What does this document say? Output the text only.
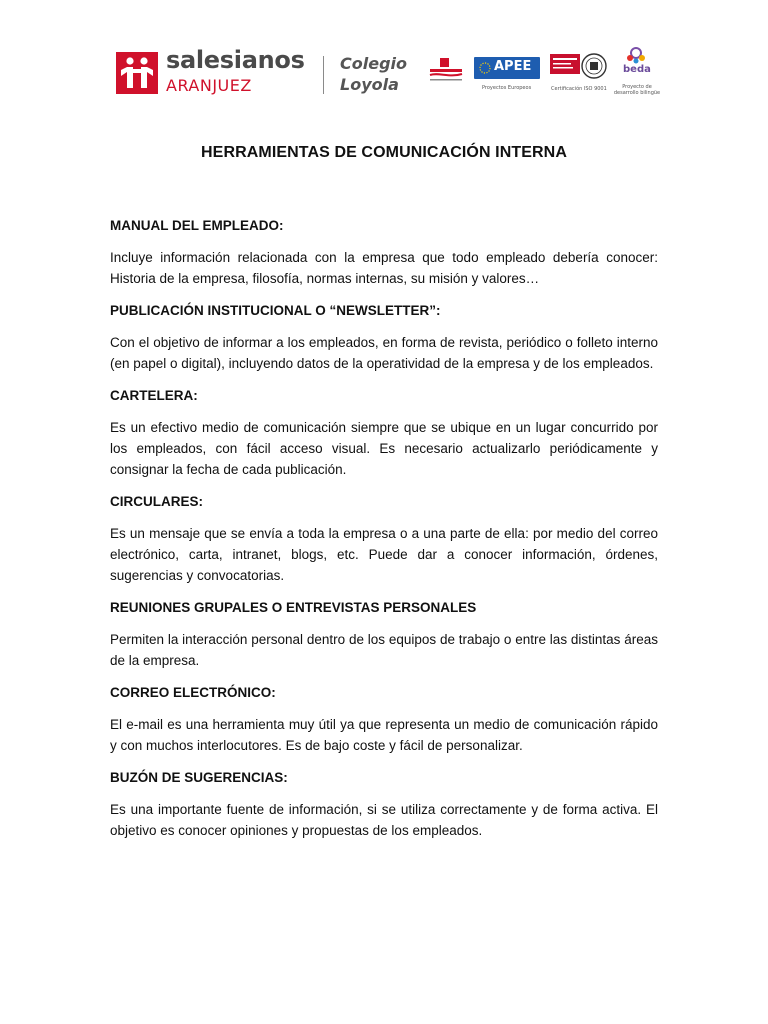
salesianos
ARANJUEZ
Colegio
Loyola
APEE
Proyectos Europeos	Certificación ISO 9001
beda
Proyecto de desarrollo bilingüe
HERRAMIENTAS DE COMUNICACIÓN INTERNA
MANUAL DEL EMPLEADO:

Incluye información relacionada con la empresa que todo empleado debería conocer: Historia de la empresa, filosofía, normas internas, su misión y valores…

PUBLICACIÓN INSTITUCIONAL O “NEWSLETTER”:

Con el objetivo de informar a los empleados, en forma de revista, periódico o folleto interno (en papel o digital), incluyendo datos de la operatividad de la empresa y de los empleados.

CARTELERA:

Es un efectivo medio de comunicación siempre que se ubique en un lugar concurrido por los empleados, con fácil acceso visual. Es necesario actualizarlo periódicamente y consignar la fecha de cada publicación.

CIRCULARES:

Es un mensaje que se envía a toda la empresa o a una parte de ella: por medio del correo electrónico, carta, intranet, blogs, etc. Puede dar a conocer información, órdenes, sugerencias y convocatorias.

REUNIONES GRUPALES O ENTREVISTAS PERSONALES

Permiten la interacción personal dentro de los equipos de trabajo o entre las distintas áreas de la empresa.

CORREO ELECTRÓNICO:

El e-mail es una herramienta muy útil ya que representa un medio de comunicación rápido y con muchos interlocutores. Es de bajo coste y fácil de personalizar.

BUZÓN DE SUGERENCIAS:

Es una importante fuente de información, si se utiliza correctamente y de forma activa. El objetivo es conocer opiniones y propuestas de los empleados.
